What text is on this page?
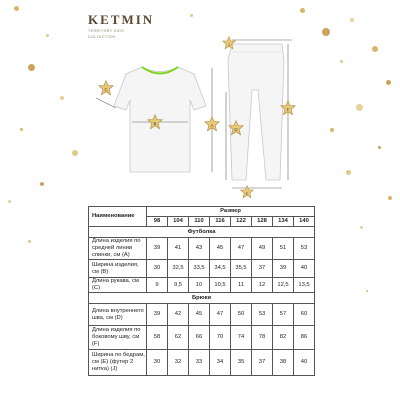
KETMIN
TERRITORY KIDS
COLLECTION
C
B	A
J
F
D
E
Наименование	Размер							
	98	104	110	116	122	128	134	140
Футболка								
Длина изделия по средней линии спинки, см (A)	39	41	43	45	47	49	51	53
Ширина изделия, см (B)	30	32,5	33,5	34,5	35,5	37	39	40
Длина рукава, см (C)	9	9,5	10	10,5	11	12	12,5	13,5
Брюки								
Длина внутреннего шва, см (D)	39	42	45	47	50	53	57	60
Длина изделия по боковому шву, см (F)	58	62	66	70	74	78	82	86
Ширина по бедрам, см (E) (футер 2 нитка) (J)	30	32	33	34	35	37	38	40
